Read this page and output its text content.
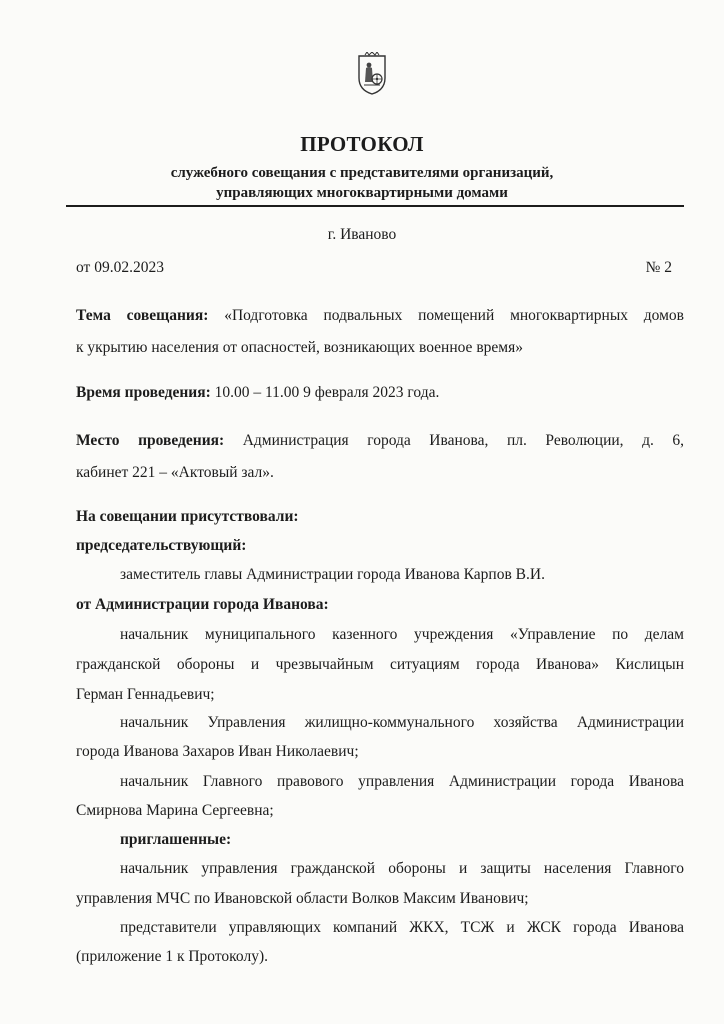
ПРОТОКОЛ
служебного совещания с представителями организаций,
управляющих многоквартирными домами
г. Иваново
от 09.02.2023	№ 2
Тема совещания: «Подготовка подвальных помещений многоквартирных домов
к укрытию населения от опасностей, возникающих военное время»
Время проведения: 10.00 – 11.00 9 февраля 2023 года.
Место проведения: Администрация города Иванова, пл. Революции, д. 6,
кабинет 221 – «Актовый зал».
На совещании присутствовали:
председательствующий:
заместитель главы Администрации города Иванова Карпов В.И.
от Администрации города Иванова:
начальник муниципального казенного учреждения «Управление по делам
гражданской обороны и чрезвычайным ситуациям города Иванова» Кислицын
Герман Геннадьевич;
начальник Управления жилищно-коммунального хозяйства Администрации
города Иванова Захаров Иван Николаевич;
начальник Главного правового управления Администрации города Иванова
Смирнова Марина Сергеевна;
приглашенные:
начальник управления гражданской обороны и защиты населения Главного
управления МЧС по Ивановской области Волков Максим Иванович;
представители управляющих компаний ЖКХ, ТСЖ и ЖСК города Иванова
(приложение 1 к Протоколу).
